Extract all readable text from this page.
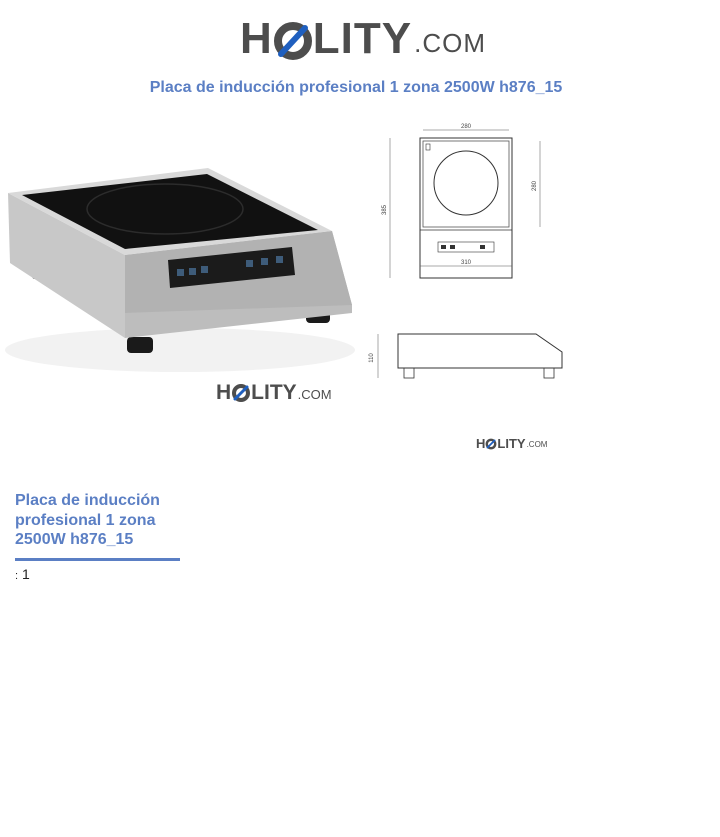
H LITY .COM
Placa de inducción profesional 1 zona 2500W h876_15
H LITY .COM
280
385
280
310
110
H LITY .COM
Placa de inducción profesional 1 zona 2500W h876_15
: 1
